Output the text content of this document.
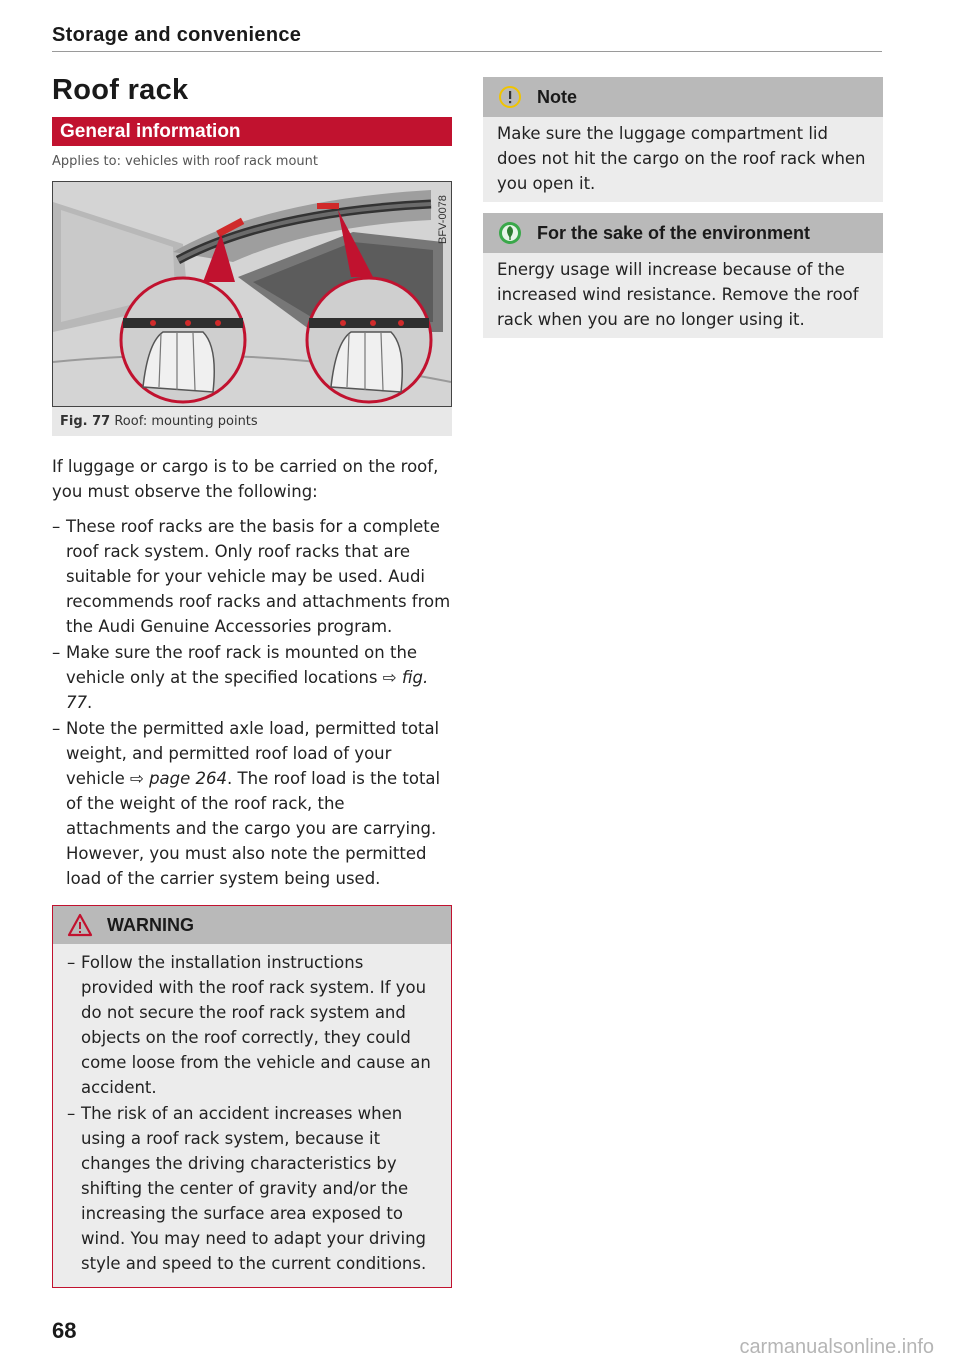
Storage and convenience
Roof rack
General information
Applies to: vehicles with roof rack mount
BFV-0078
Fig. 77 Roof: mounting points

If luggage or cargo is to be carried on the roof, you must observe the following:

– These roof racks are the basis for a complete roof rack system. Only roof racks that are suitable for your vehicle may be used. Audi recommends roof racks and attachments from the Audi Genuine Accessories program.
– Make sure the roof rack is mounted on the vehicle only at the specified locations ⇨ fig. 77.
– Note the permitted axle load, permitted total weight, and permitted roof load of your vehicle ⇨ page 264. The roof load is the total of the weight of the roof rack, the attachments and the cargo you are carrying. However, you must also note the permitted load of the carrier system being used.
WARNING
– Follow the installation instructions provided with the roof rack system. If you do not secure the roof rack system and objects on the roof correctly, they could come loose from the vehicle and cause an accident.
– The risk of an accident increases when using a roof rack system, because it changes the driving characteristics by shifting the center of gravity and/or the increasing the surface area exposed to wind. You may need to adapt your driving style and speed to the current conditions.
Note
Make sure the luggage compartment lid does not hit the cargo on the roof rack when you open it.
For the sake of the environment
Energy usage will increase because of the increased wind resistance. Remove the roof rack when you are no longer using it.
68
carmanualsonline.info
